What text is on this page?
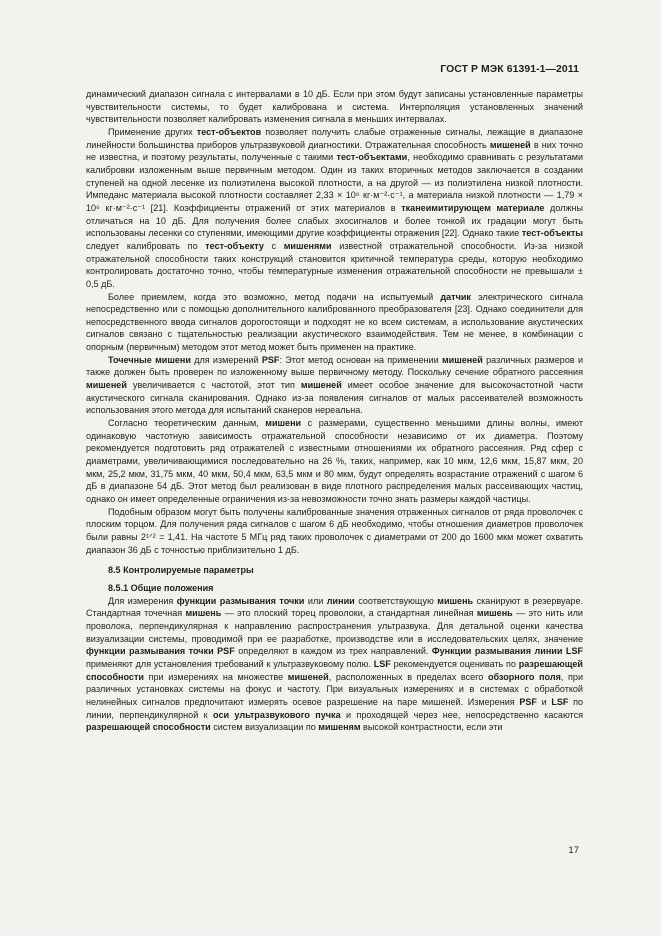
ГОСТ Р МЭК 61391-1—2011

динамический диапазон сигнала с интервалами в 10 дБ. Если при этом будут записаны установленные параметры чувствительности системы, то будет калибрована и система. Интерполяция установленных значений чувствительности позволяет калибровать изменения сигнала в меньших интервалах.

Применение других тест-объектов позволяет получить слабые отраженные сигналы, лежащие в диапазоне линейности большинства приборов ультразвуковой диагностики. Отражательная способность мишеней в них точно не известна, и поэтому результаты, полученные с такими тест-объектами, необходимо сравнивать с результатами калибровки изложенным выше первичным методом. Один из таких вторичных методов заключается в создании ступеней на одной лесенке из полиэтилена высокой плотности, а на другой — из полиэтилена низкой плотности. Импеданс материала высокой плотности составляет 2,33 × 10⁶ кг·м⁻²·с⁻¹, а материала низкой плотности — 1,79 × 10⁶ кг·м⁻²·с⁻¹ [21]. Коэффициенты отражений от этих материалов в тканеимитирующем материале должны отличаться на 10 дБ. Для получения более слабых эхосигналов и более тонкой их градации могут быть использованы лесенки со ступенями, имеющими другие коэффициенты отражения [22]. Однако такие тест-объекты следует калибровать по тест-объекту с мишенями известной отражательной способности. Из-за низкой отражательной способности таких конструкций становится критичной температура среды, которую необходимо контролировать достаточно точно, чтобы температурные изменения отражательной способности не превышали ± 0,5 дБ.

Более приемлем, когда это возможно, метод подачи на испытуемый датчик электрического сигнала непосредственно или с помощью дополнительного калиброванного преобразователя [23]. Однако соединители для непосредственного ввода сигналов дорогостоящи и подходят не ко всем системам, а использование акустических сигналов связано с тщательностью реализации акустического взаимодействия. Тем не менее, в комбинации с опорным (первичным) методом этот метод может быть применен на практике.

Точечные мишени для измерений PSF: Этот метод основан на применении мишеней различных размеров и также должен быть проверен по изложенному выше первичному методу. Поскольку сечение обратного рассеяния мишеней увеличивается с частотой, этот тип мишеней имеет особое значение для высокочастотной части акустического сигнала сканирования. Однако из-за появления сигналов от малых рассеивателей возможность использования этого метода для испытаний сканеров нереальна.

Согласно теоретическим данным, мишени с размерами, существенно меньшими длины волны, имеют одинаковую частотную зависимость отражательной способности независимо от их диаметра. Поэтому рекомендуется подготовить ряд отражателей с известными отношениями их обратного рассеяния. Ряд сфер с диаметрами, увеличивающимися последовательно на 26 %, таких, например, как 10 мкм, 12,6 мкм, 15,87 мкм, 20 мкм, 25,2 мкм, 31,75 мкм, 40 мкм, 50,4 мкм, 63,5 мкм и 80 мкм, будут определять возрастание отражений с шагом 6 дБ в диапазоне 54 дБ. Этот метод был реализован в виде плотного распределения малых рассеивающих частиц, однако он имеет определенные ограничения из-за невозможности точно знать размеры каждой частицы.

Подобным образом могут быть получены калиброванные значения отраженных сигналов от ряда проволочек с плоским торцом. Для получения ряда сигналов с шагом 6 дБ необходимо, чтобы отношения диаметров проволочек были равны 2¹ᐟ² = 1,41. На частоте 5 МГц ряд таких проволочек с диаметрами от 200 до 1600 мкм может охватить диапазон 36 дБ с точностью приблизительно 1 дБ.

8.5 Контролируемые параметры

8.5.1 Общие положения

Для измерения функции размывания точки или линии соответствующую мишень сканируют в резервуаре. Стандартная точечная мишень — это плоский торец проволоки, а стандартная линейная мишень — это нить или проволока, перпендикулярная к направлению распространения ультразвука. Для детальной оценки качества визуализации системы, проводимой при ее разработке, производстве или в исследовательских целях, значение функции размывания точки PSF определяют в каждом из трех направлений. Функции размывания линии LSF применяют для установления требований к ультразвуковому полю. LSF рекомендуется оценивать по разрешающей способности при измерениях на множестве мишеней, расположенных в пределах всего обзорного поля, при различных установках системы на фокус и частоту. При визуальных измерениях и в системах с обработкой нелинейных сигналов предпочитают измерять осевое разрешение на паре мишеней. Измерения PSF и LSF по линии, перпендикулярной к оси ультразвукового пучка и проходящей через нее, непосредственно касаются разрешающей способности систем визуализации по мишеням высокой контрастности, если эти

17
